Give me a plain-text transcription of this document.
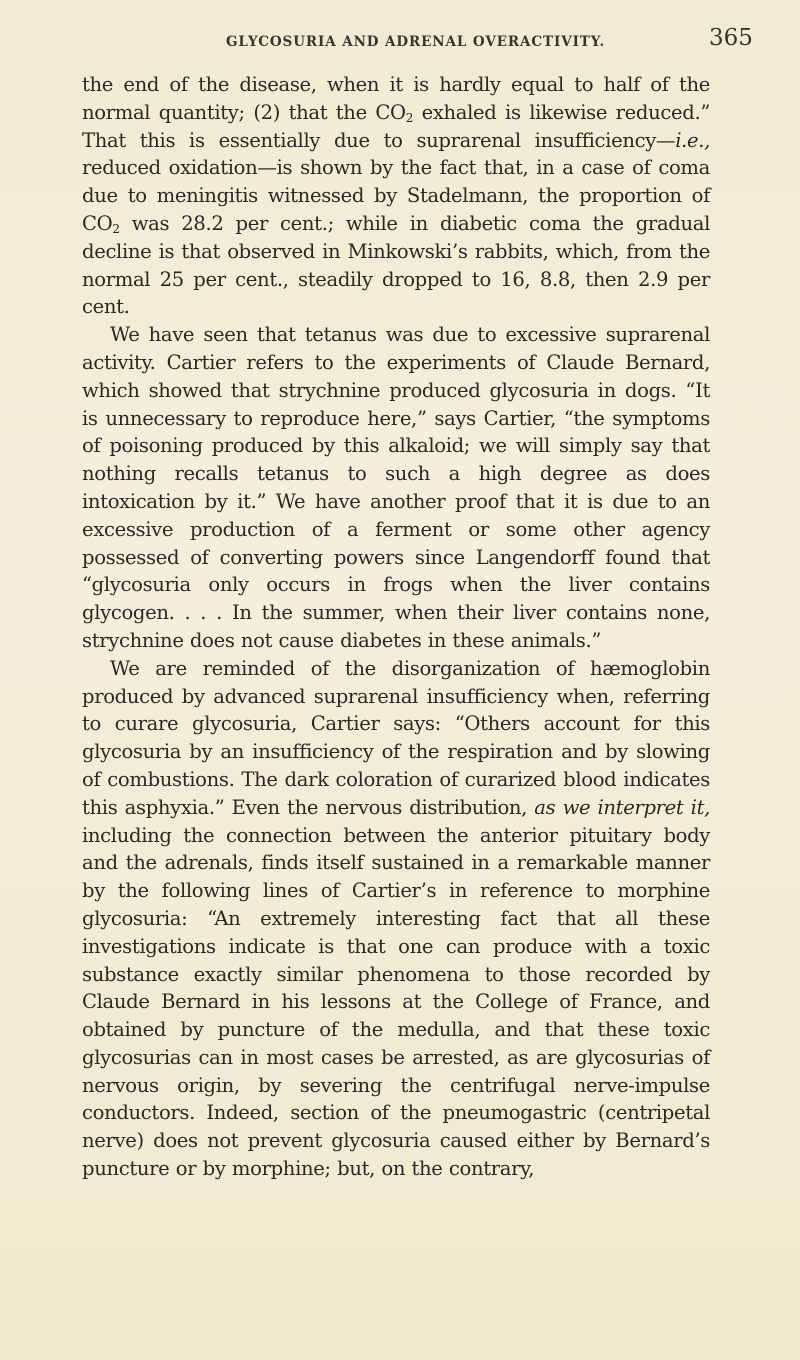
GLYCOSURIA AND ADRENAL OVERACTIVITY.	365

the end of the disease, when it is hardly equal to half of the normal quantity; (2) that the $CO_2$ exhaled is likewise reduced.” That this is essentially due to suprarenal insufficiency—i.e., reduced oxidation—is shown by the fact that, in a case of coma due to meningitis witnessed by Stadelmann, the proportion of $CO_2$ was 28.2 per cent.; while in diabetic coma the gradual decline is that observed in Minkowski’s rabbits, which, from the normal 25 per cent., steadily dropped to 16, 8.8, then 2.9 per cent.

We have seen that tetanus was due to excessive suprarenal activity. Cartier refers to the experiments of Claude Bernard, which showed that strychnine produced glycosuria in dogs. “It is unnecessary to reproduce here,” says Cartier, “the symptoms of poisoning produced by this alkaloid; we will simply say that nothing recalls tetanus to such a high degree as does intoxication by it.” We have another proof that it is due to an excessive production of a ferment or some other agency possessed of converting powers since Langendorff found that “glycosuria only occurs in frogs when the liver contains glycogen. . . . In the summer, when their liver contains none, strychnine does not cause diabetes in these animals.”

We are reminded of the disorganization of hæmoglobin produced by advanced suprarenal insufficiency when, referring to curare glycosuria, Cartier says: “Others account for this glycosuria by an insufficiency of the respiration and by slowing of combustions. The dark coloration of curarized blood indicates this asphyxia.” Even the nervous distribution, as we interpret it, including the connection between the anterior pituitary body and the adrenals, finds itself sustained in a remarkable manner by the following lines of Cartier’s in reference to morphine glycosuria: “An extremely interesting fact that all these investigations indicate is that one can produce with a toxic substance exactly similar phenomena to those recorded by Claude Bernard in his lessons at the College of France, and obtained by puncture of the medulla, and that these toxic glycosurias can in most cases be arrested, as are glycosurias of nervous origin, by severing the centrifugal nerve-impulse conductors. Indeed, section of the pneumogastric (centripetal nerve) does not prevent glycosuria caused either by Bernard’s puncture or by morphine; but, on the contrary,
